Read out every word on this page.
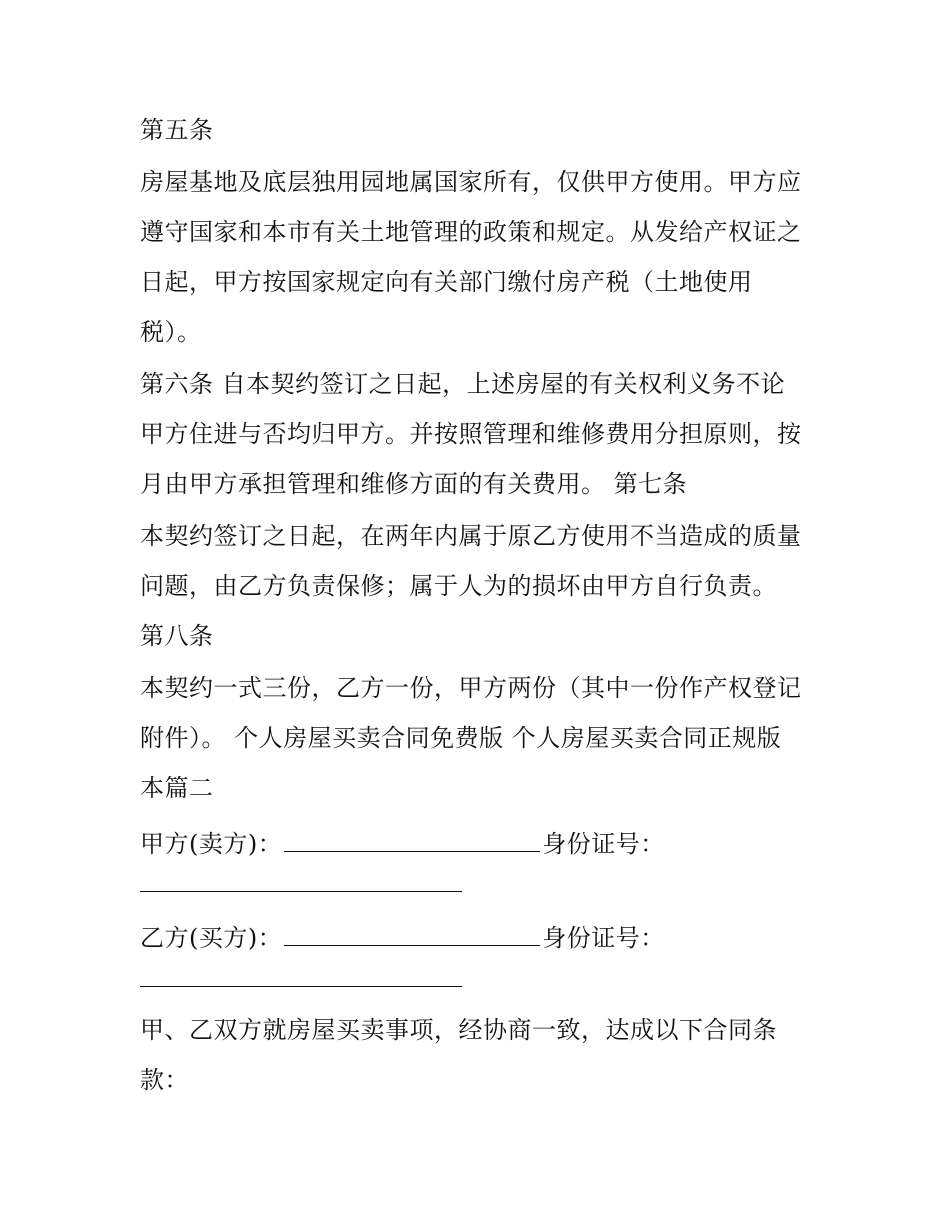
第五条
房屋基地及底层独用园地属国家所有，仅供甲方使用。甲方应
遵守国家和本市有关土地管理的政策和规定。从发给产权证之
日起，甲方按国家规定向有关部门缴付房产税（土地使用
税）。
第六条 自本契约签订之日起，上述房屋的有关权利义务不论
甲方住进与否均归甲方。并按照管理和维修费用分担原则，按
月由甲方承担管理和维修方面的有关费用。 第七条
本契约签订之日起，在两年内属于原乙方使用不当造成的质量
问题，由乙方负责保修；属于人为的损坏由甲方自行负责。
第八条
本契约一式三份，乙方一份，甲方两份（其中一份作产权登记
附件）。 个人房屋买卖合同免费版 个人房屋买卖合同正规版
本篇二
甲方(卖方)：	身份证号：
乙方(买方)：	身份证号：
甲、乙双方就房屋买卖事项，经协商一致，达成以下合同条
款：
